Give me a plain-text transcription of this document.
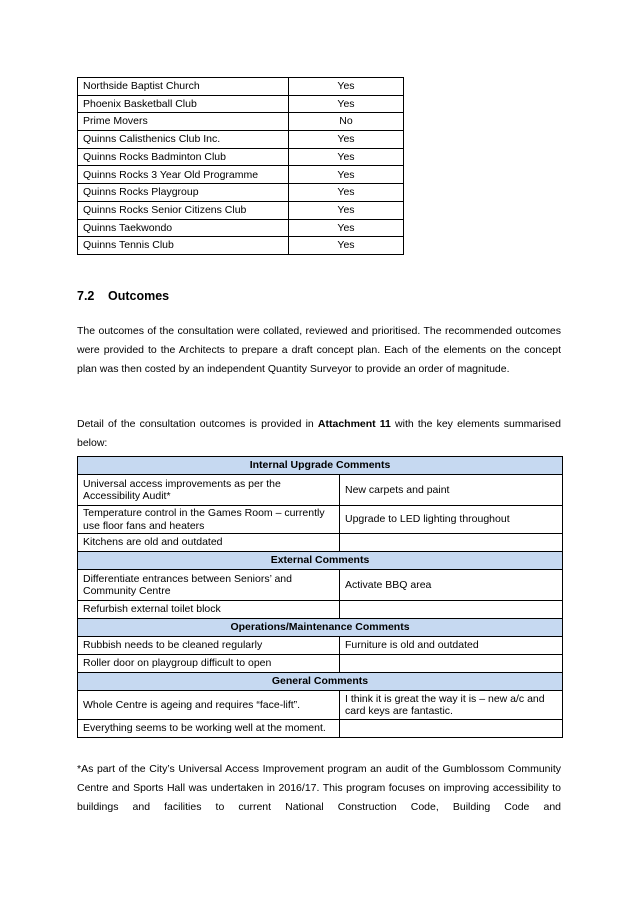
Northside Baptist Church	Yes
Phoenix Basketball Club	Yes
Prime Movers	No
Quinns Calisthenics Club Inc.	Yes
Quinns Rocks Badminton Club	Yes
Quinns Rocks 3 Year Old Programme	Yes
Quinns Rocks Playgroup	Yes
Quinns Rocks Senior Citizens Club	Yes
Quinns Taekwondo	Yes
Quinns Tennis Club	Yes
7.2 Outcomes

The outcomes of the consultation were collated, reviewed and prioritised. The recommended outcomes were provided to the Architects to prepare a draft concept plan. Each of the elements on the concept plan was then costed by an independent Quantity Surveyor to provide an order of magnitude.

Detail of the consultation outcomes is provided in Attachment 11 with the key elements summarised below:

Internal Upgrade Comments	
Universal access improvements as per the Accessibility Audit*	New carpets and paint
Temperature control in the Games Room – currently use floor fans and heaters	Upgrade to LED lighting throughout
Kitchens are old and outdated	
External Comments	
Differentiate entrances between Seniors’ and Community Centre	Activate BBQ area
Refurbish external toilet block	
Operations/Maintenance Comments	
Rubbish needs to be cleaned regularly	Furniture is old and outdated
Roller door on playgroup difficult to open	
General Comments	
Whole Centre is ageing and requires “face-lift”.	I think it is great the way it is – new a/c and card keys are fantastic.
Everything seems to be working well at the moment.	

*As part of the City’s Universal Access Improvement program an audit of the Gumblossom Community Centre and Sports Hall was undertaken in 2016/17. This program focuses on improving accessibility to buildings and facilities to current National Construction Code, Building Code and
